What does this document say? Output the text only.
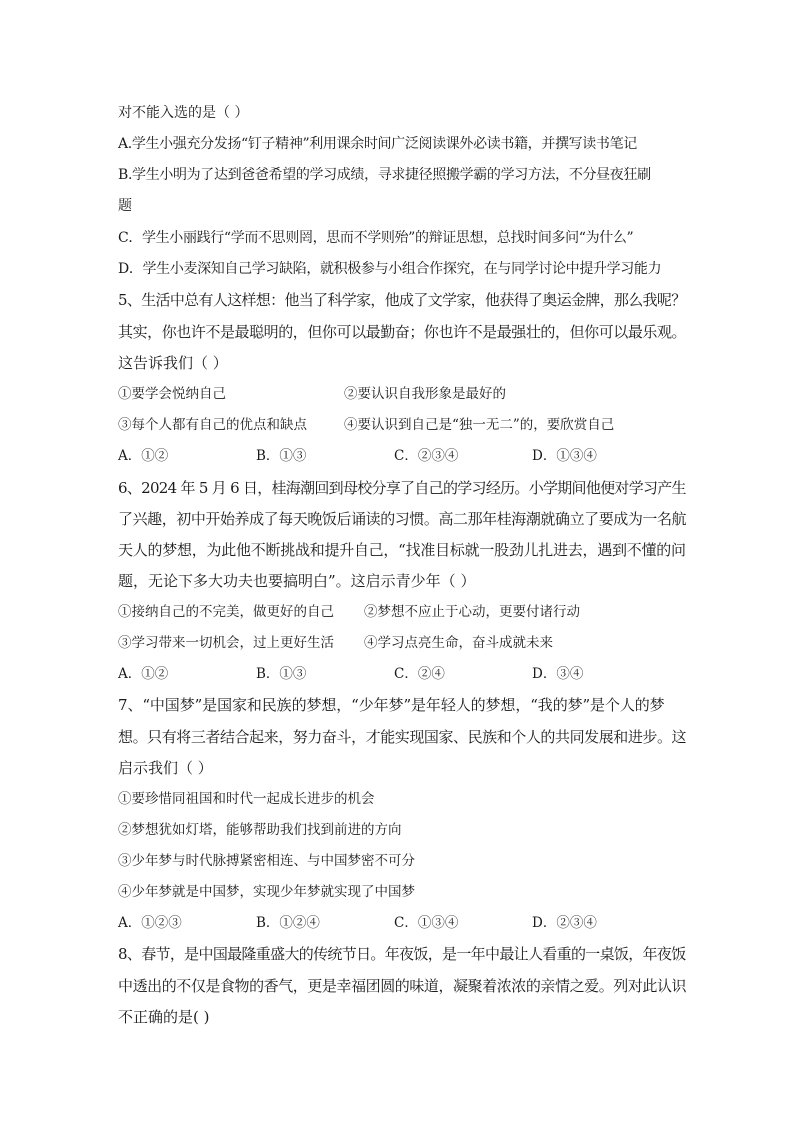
对不能入选的是（ ）
A.学生小强充分发扬“钉子精神”利用课余时间广泛阅读课外必读书籍，并撰写读书笔记
B.学生小明为了达到爸爸希望的学习成绩，寻求捷径照搬学霸的学习方法，不分昼夜狂刷
题
C．学生小丽践行“学而不思则罔，思而不学则殆”的辩证思想，总找时间多问“为什么”
D．学生小麦深知自己学习缺陷，就积极参与小组合作探究，在与同学讨论中提升学习能力
5、生活中总有人这样想：他当了科学家，他成了文学家，他获得了奥运金牌，那么我呢？
其实，你也许不是最聪明的，但你可以最勤奋；你也许不是最强壮的，但你可以最乐观。
这告诉我们（ ）
①要学会悦纳自己	②要认识自我形象是最好的
③每个人都有自己的优点和缺点	④要认识到自己是“独一无二”的，要欣赏自己
A．①②	B．①③	C．②③④	D．①③④
6、2024 年 5 月 6 日，桂海潮回到母校分享了自己的学习经历。小学期间他便对学习产生
了兴趣，初中开始养成了每天晚饭后诵读的习惯。高二那年桂海潮就确立了要成为一名航
天人的梦想，为此他不断挑战和提升自己，“找准目标就一股劲儿扎进去，遇到不懂的问
题，无论下多大功夫也要搞明白”。这启示青少年（ ）
①接纳自己的不完美，做更好的自己 ②梦想不应止于心动，更要付诸行动
③学习带来一切机会，过上更好生活 ④学习点亮生命，奋斗成就未来
A．①②	B．①③	C．②④	D．③④
7、“中国梦”是国家和民族的梦想，“少年梦”是年轻人的梦想，“我的梦”是个人的梦
想。只有将三者结合起来，努力奋斗，才能实现国家、民族和个人的共同发展和进步。这
启示我们（ ）
①要珍惜同祖国和时代一起成长进步的机会
②梦想犹如灯塔，能够帮助我们找到前进的方向
③少年梦与时代脉搏紧密相连、与中国梦密不可分
④少年梦就是中国梦，实现少年梦就实现了中国梦
A．①②③	B．①②④	C．①③④	D．②③④
8、春节，是中国最隆重盛大的传统节日。年夜饭，是一年中最让人看重的一桌饭，年夜饭
中透出的不仅是食物的香气，更是幸福团圆的味道，凝聚着浓浓的亲情之爱。列对此认识
不正确的是( )
